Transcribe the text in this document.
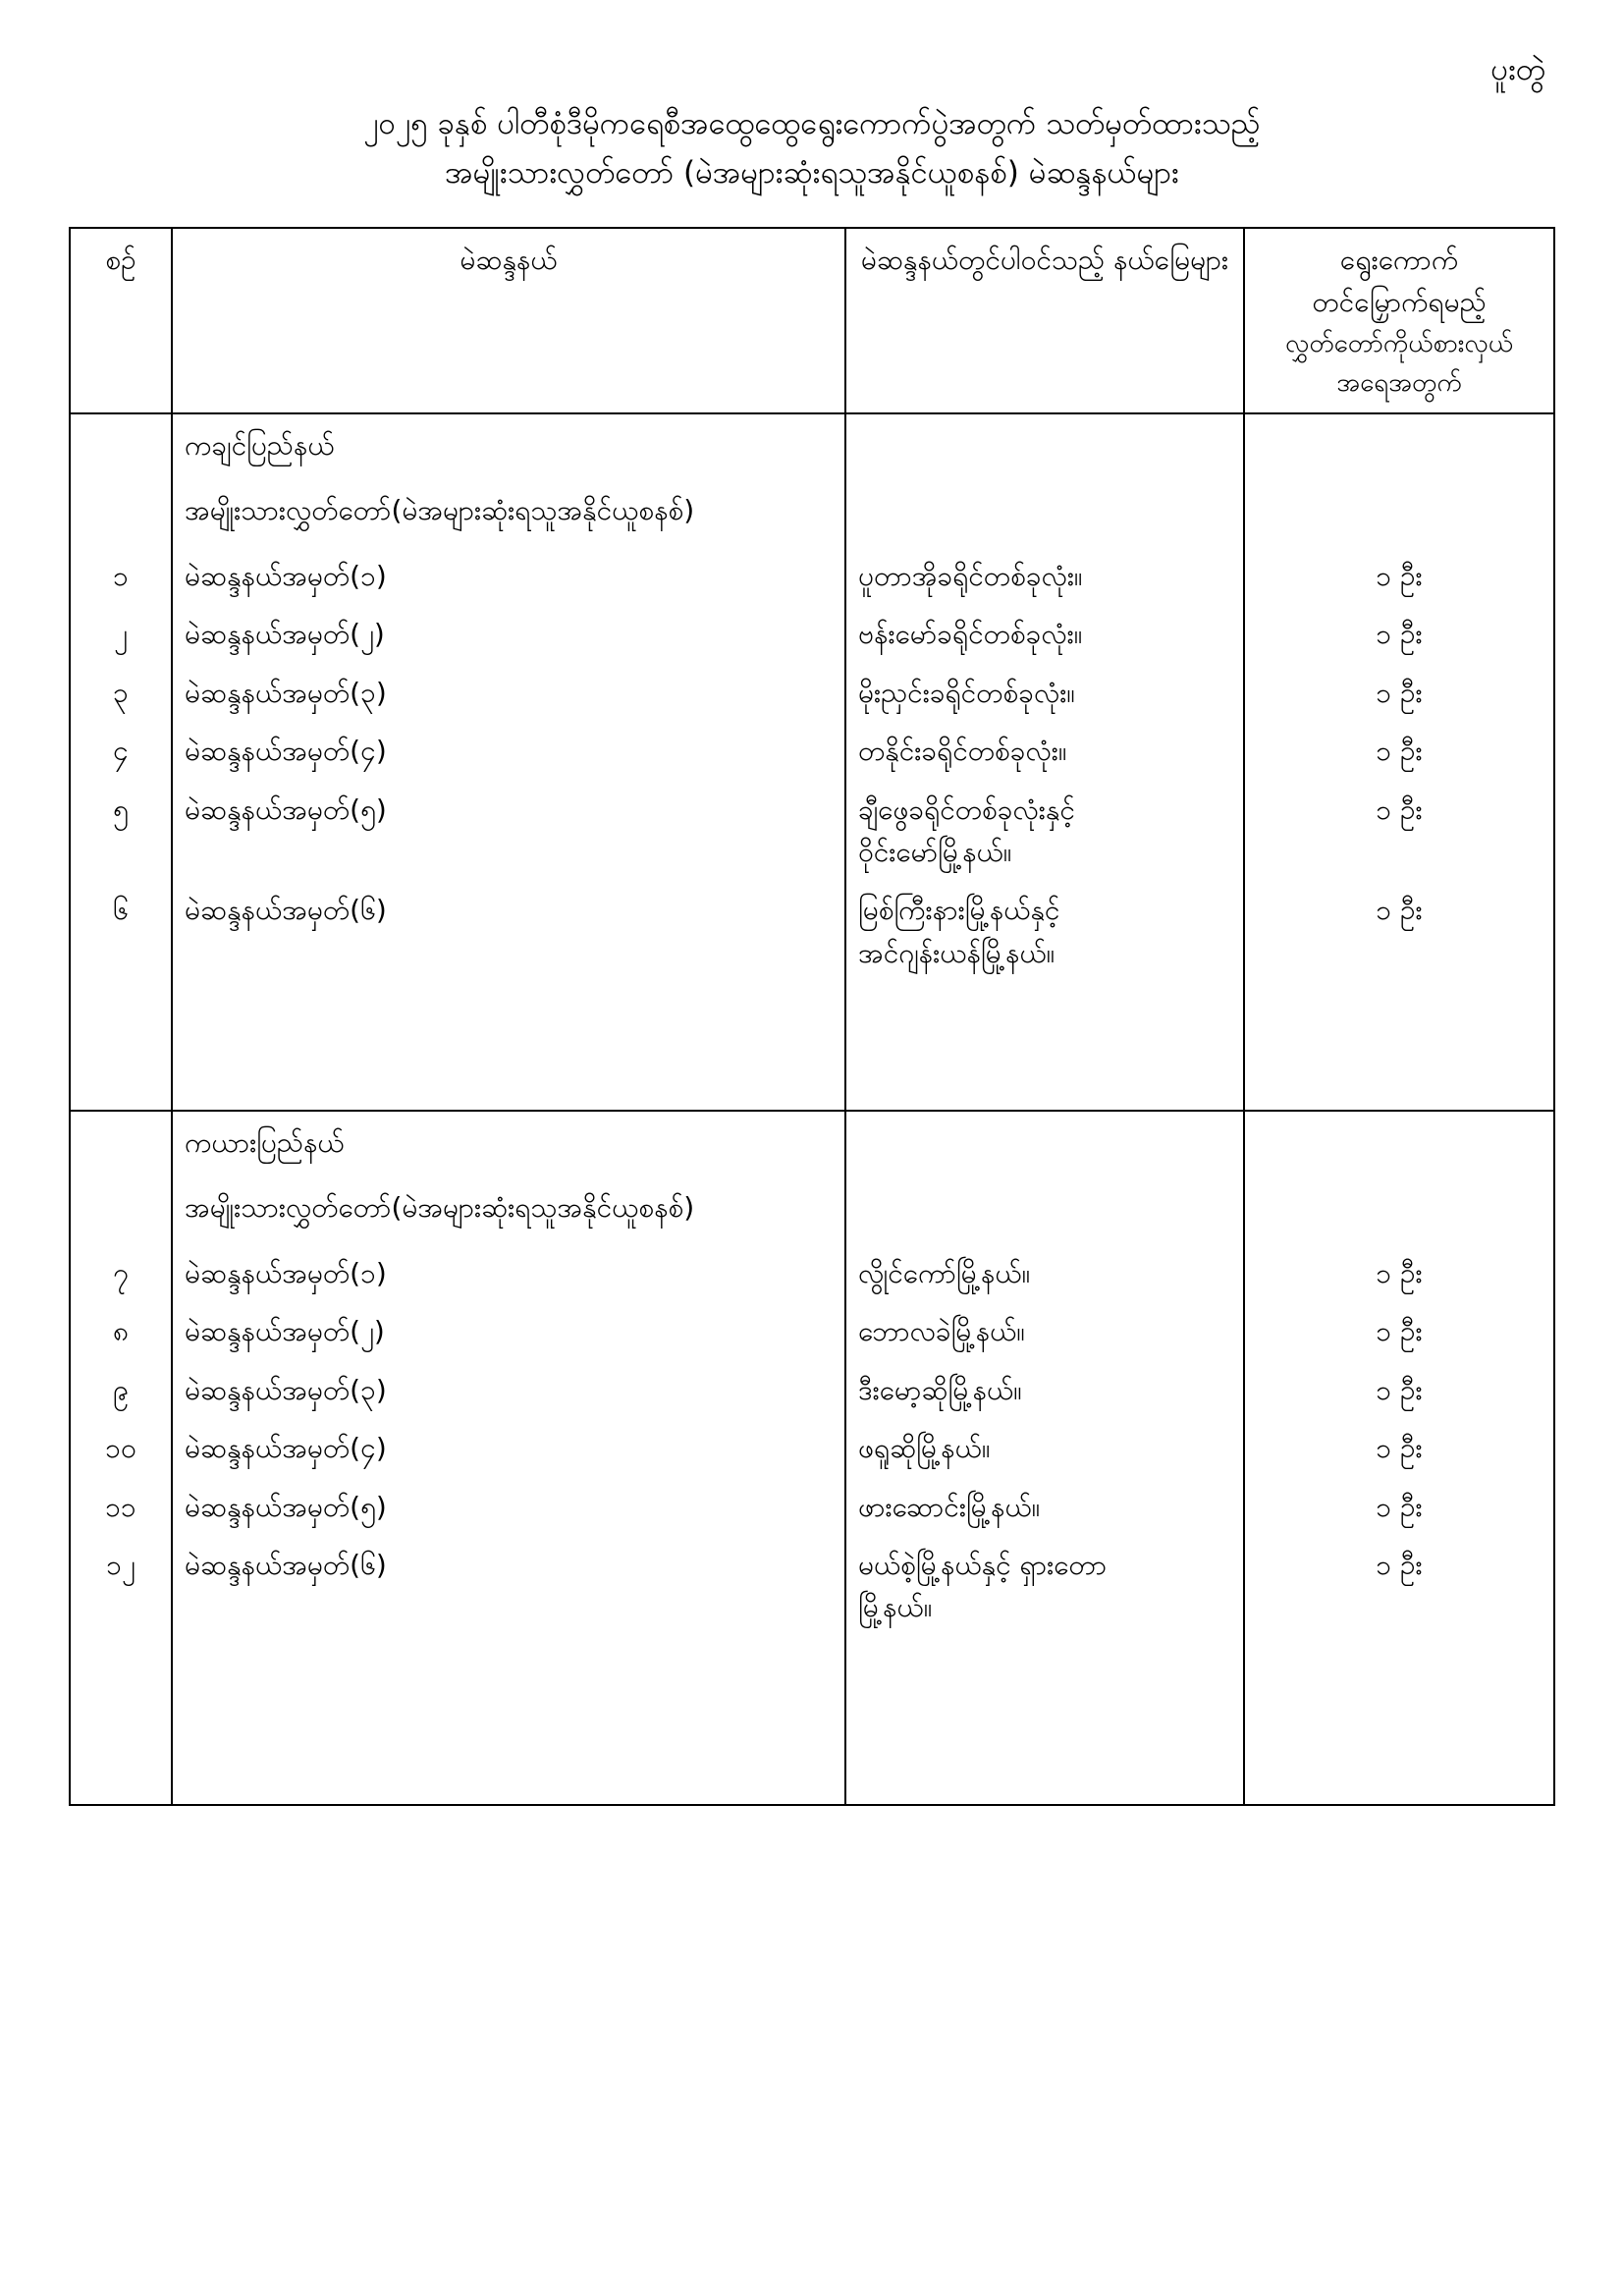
ပူးတွဲ
၂၀၂၅ ခုနှစ် ပါတီစုံဒီမိုကရေစီအထွေထွေရွေးကောက်ပွဲအတွက် သတ်မှတ်ထားသည့်
အမျိုးသားလွှတ်တော် (မဲအများဆုံးရသူအနိုင်ယူစနစ်) မဲဆန္ဒနယ်များ
စဉ်	မဲဆန္ဒနယ်	မဲဆန္ဒနယ်တွင်ပါဝင်သည့် နယ်မြေများ	ရွေးကောက်
တင်မြှောက်ရမည့်
လွှတ်တော်ကိုယ်စားလှယ်
အရေအတွက်

	ကချင်ပြည်နယ်
အမျိုးသားလွှတ်တော်(မဲအများဆုံးရသူအနိုင်ယူစနစ်)		

၁	မဲဆန္ဒနယ်အမှတ်(၁)	ပူတာအိုခရိုင်တစ်ခုလုံး။	၁ ဦး
၂	မဲဆန္ဒနယ်အမှတ်(၂)	ဗန်းမော်ခရိုင်တစ်ခုလုံး။	၁ ဦး
၃	မဲဆန္ဒနယ်အမှတ်(၃)	မိုးညှင်းခရိုင်တစ်ခုလုံး။	၁ ဦး
၄	မဲဆန္ဒနယ်အမှတ်(၄)	တနိုင်းခရိုင်တစ်ခုလုံး။	၁ ဦး
၅	မဲဆန္ဒနယ်အမှတ်(၅)	ချီဖွေခရိုင်တစ်ခုလုံးနှင့်
ဝိုင်းမော်မြို့နယ်။	၁ ဦး
၆	မဲဆန္ဒနယ်အမှတ်(၆)	မြစ်ကြီးနားမြို့နယ်နှင့်
အင်ဂျန်းယန်မြို့နယ်။	၁ ဦး

	ကယားပြည်နယ်
အမျိုးသားလွှတ်တော်(မဲအများဆုံးရသူအနိုင်ယူစနစ်)		

၇	မဲဆန္ဒနယ်အမှတ်(၁)	လွိုင်ကော်မြို့နယ်။	၁ ဦး
၈	မဲဆန္ဒနယ်အမှတ်(၂)	ဘောလခဲမြို့နယ်။	၁ ဦး
၉	မဲဆန္ဒနယ်အမှတ်(၃)	ဒီးမော့ဆိုမြို့နယ်။	၁ ဦး
၁၀	မဲဆန္ဒနယ်အမှတ်(၄)	ဖရူဆိုမြို့နယ်။	၁ ဦး
၁၁	မဲဆန္ဒနယ်အမှတ်(၅)	ဖားဆောင်းမြို့နယ်။	၁ ဦး
၁၂	မဲဆန္ဒနယ်အမှတ်(၆)	မယ်စဲ့မြို့နယ်နှင့် ရှားတော
မြို့နယ်။	၁ ဦး
